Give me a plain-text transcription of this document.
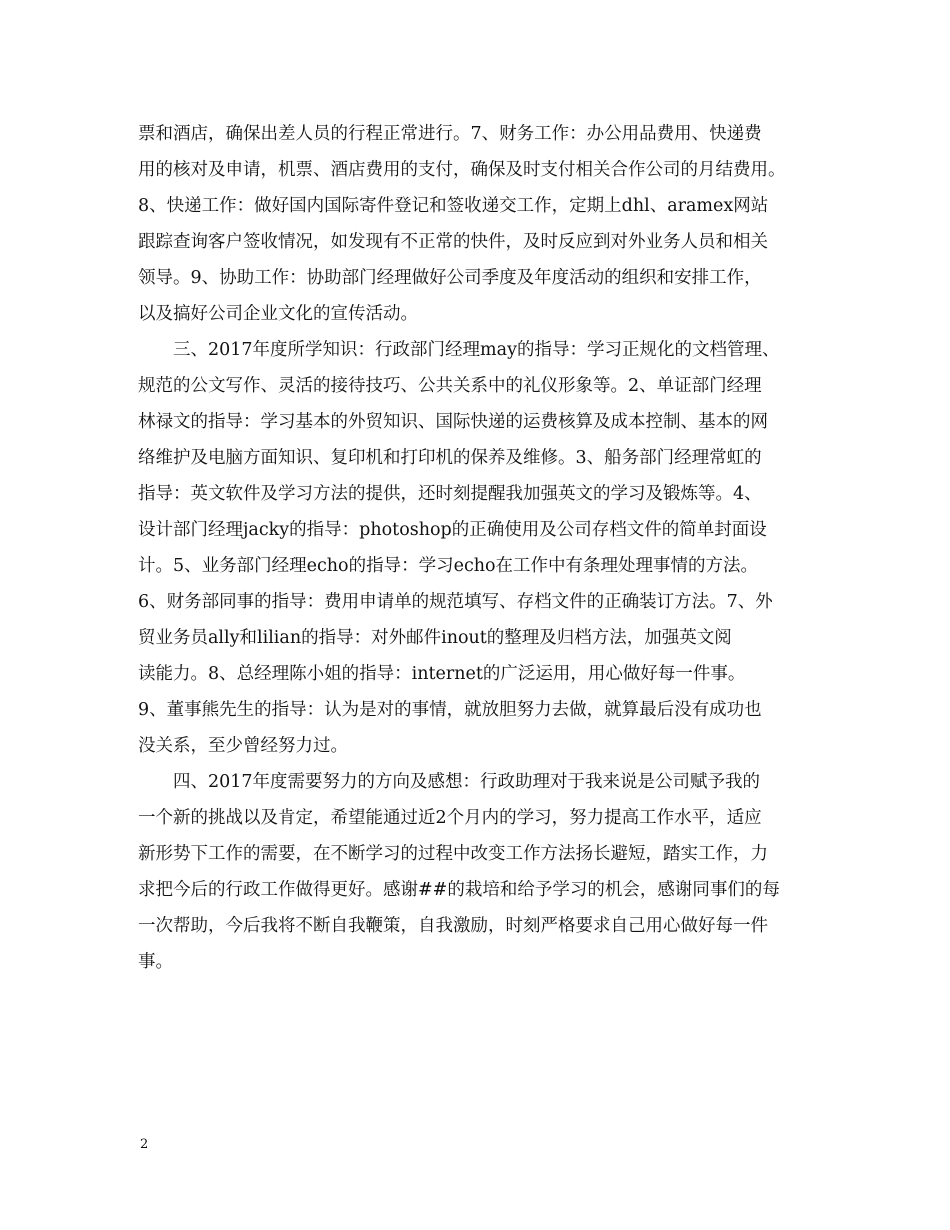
票和酒店，确保出差人员的行程正常进行。7、财务工作：办公用品费用、快递费
用的核对及申请，机票、酒店费用的支付，确保及时支付相关合作公司的月结费用。
8、快递工作：做好国内国际寄件登记和签收递交工作，定期上dhl、aramex网站
跟踪查询客户签收情况，如发现有不正常的快件，及时反应到对外业务人员和相关
领导。9、协助工作：协助部门经理做好公司季度及年度活动的组织和安排工作，
以及搞好公司企业文化的宣传活动。
三、2017年度所学知识：行政部门经理may的指导：学习正规化的文档管理、
规范的公文写作、灵活的接待技巧、公共关系中的礼仪形象等。2、单证部门经理
林禄文的指导：学习基本的外贸知识、国际快递的运费核算及成本控制、基本的网
络维护及电脑方面知识、复印机和打印机的保养及维修。3、船务部门经理常虹的
指导：英文软件及学习方法的提供，还时刻提醒我加强英文的学习及锻炼等。4、
设计部门经理jacky的指导：photoshop的正确使用及公司存档文件的简单封面设
计。5、业务部门经理echo的指导：学习echo在工作中有条理处理事情的方法。
6、财务部同事的指导：费用申请单的规范填写、存档文件的正确装订方法。7、外
贸业务员ally和lilian的指导：对外邮件inout的整理及归档方法，加强英文阅
读能力。8、总经理陈小姐的指导：internet的广泛运用，用心做好每一件事。
9、董事熊先生的指导：认为是对的事情，就放胆努力去做，就算最后没有成功也
没关系，至少曾经努力过。
四、2017年度需要努力的方向及感想：行政助理对于我来说是公司赋予我的
一个新的挑战以及肯定，希望能通过近2个月内的学习，努力提高工作水平，适应
新形势下工作的需要，在不断学习的过程中改变工作方法扬长避短，踏实工作，力
求把今后的行政工作做得更好。感谢##的栽培和给予学习的机会，感谢同事们的每
一次帮助，今后我将不断自我鞭策，自我激励，时刻严格要求自己用心做好每一件
事。
2
